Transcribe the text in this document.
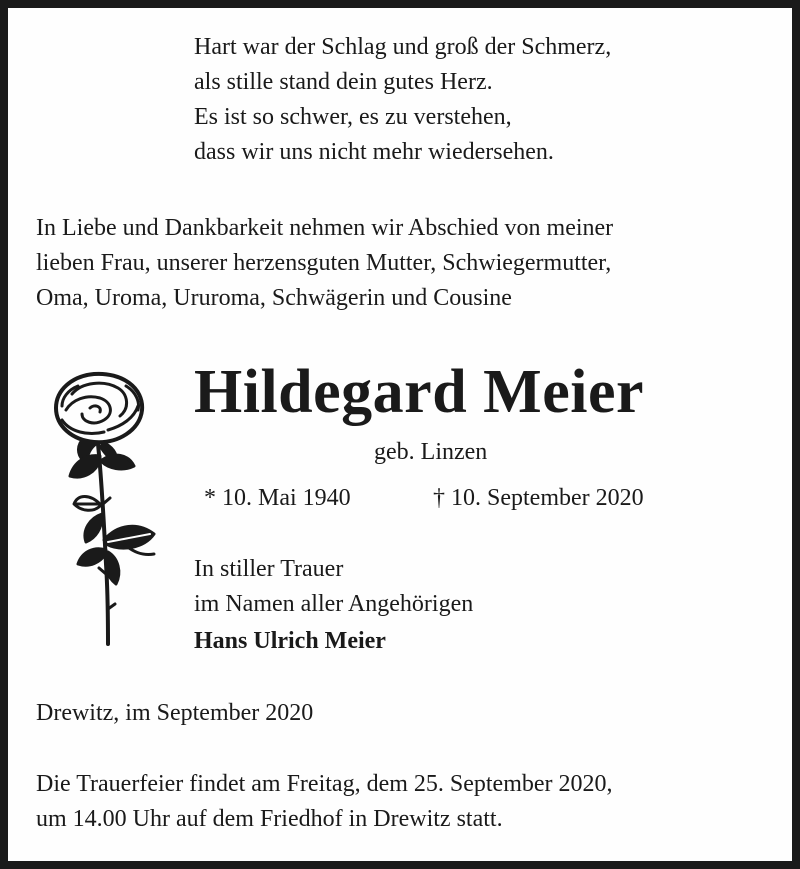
Hart war der Schlag und groß der Schmerz,
als stille stand dein gutes Herz.
Es ist so schwer, es zu verstehen,
dass wir uns nicht mehr wiedersehen.
In Liebe und Dankbarkeit nehmen wir Abschied von meiner
lieben Frau, unserer herzensguten Mutter, Schwiegermutter,
Oma, Uroma, Ururoma, Schwägerin und Cousine
Hildegard Meier
geb. Linzen
* 10. Mai 1940	† 10. September 2020
In stiller Trauer
im Namen aller Angehörigen
Hans Ulrich Meier
Drewitz, im September 2020
Die Trauerfeier findet am Freitag, dem 25. September 2020,
um 14.00 Uhr auf dem Friedhof in Drewitz statt.
